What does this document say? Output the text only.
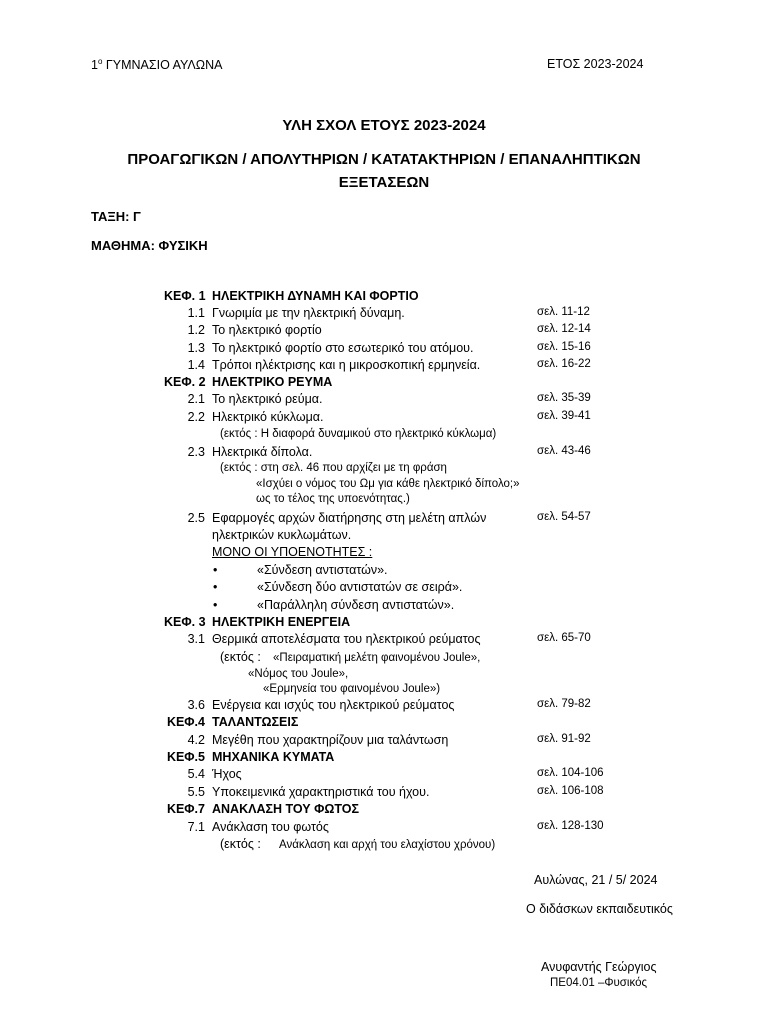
$1^o$ ΓΥΜΝΑΣΙΟ ΑΥΛΩΝΑ	ΕΤΟΣ 2023-2024
ΥΛΗ ΣΧΟΛ ΕΤΟΥΣ 2023-2024
ΠΡΟΑΓΩΓΙΚΩΝ / ΑΠΟΛΥΤΗΡΙΩΝ / ΚΑΤΑΤΑΚΤΗΡΙΩΝ / ΕΠΑΝΑΛΗΠΤΙΚΩΝ
ΕΞΕΤΑΣΕΩΝ
ΤΑΞΗ: Γ
ΜΑΘΗΜΑ: ΦΥΣΙΚΗ
ΚΕΦ. 1 ΗΛΕΚΤΡΙΚΗ ΔΥΝΑΜΗ ΚΑΙ ΦΟΡΤΙΟ
1.1 Γνωριμία με την ηλεκτρική δύναμη.	σελ. 11-12
1.2 Το ηλεκτρικό φορτίο	σελ. 12-14
1.3 Το ηλεκτρικό φορτίο στο εσωτερικό του ατόμου.	σελ. 15-16
1.4 Τρόποι ηλέκτρισης και η μικροσκοπική ερμηνεία.	σελ. 16-22
ΚΕΦ. 2 ΗΛΕΚΤΡΙΚΟ ΡΕΥΜΑ
2.1 Το ηλεκτρικό ρεύμα.	σελ. 35-39
2.2 Ηλεκτρικό κύκλωμα.	σελ. 39-41
(εκτός : Η διαφορά δυναμικού στο ηλεκτρικό κύκλωμα)
2.3 Ηλεκτρικά δίπολα.	σελ. 43-46
(εκτός : στη σελ. 46 που αρχίζει με τη φράση
«Ισχύει ο νόμος του Ωμ για κάθε ηλεκτρικό δίπολο;»
ως το τέλος της υποενότητας.)
2.5 Εφαρμογές αρχών διατήρησης στη μελέτη απλών	σελ. 54-57
ηλεκτρικών κυκλωμάτων.
ΜΟΝΟ ΟΙ ΥΠΟΕΝΟΤΗΤΕΣ :
•	«Σύνδεση αντιστατών».
•	«Σύνδεση δύο αντιστατών σε σειρά».
•	«Παράλληλη σύνδεση αντιστατών».
ΚΕΦ. 3 ΗΛΕΚΤΡΙΚΗ ΕΝΕΡΓΕΙΑ
3.1 Θερμικά αποτελέσματα του ηλεκτρικού ρεύματος	σελ. 65-70
(εκτός : «Πειραματική μελέτη φαινομένου Joule»,
«Νόμος του Joule»,
«Ερμηνεία του φαινομένου Joule»)
3.6 Ενέργεια και ισχύς του ηλεκτρικού ρεύματος	σελ. 79-82
ΚΕΦ.4 ΤΑΛΑΝΤΩΣΕΙΣ
4.2 Μεγέθη που χαρακτηρίζουν μια ταλάντωση	σελ. 91-92
ΚΕΦ.5 ΜΗΧΑΝΙΚΑ ΚΥΜΑΤΑ
5.4 Ήχος	σελ. 104-106
5.5 Υποκειμενικά χαρακτηριστικά του ήχου.	σελ. 106-108
ΚΕΦ.7 ΑΝΑΚΛΑΣΗ ΤΟΥ ΦΩΤΟΣ
7.1 Ανάκλαση του φωτός	σελ. 128-130
(εκτός : Ανάκλαση και αρχή του ελαχίστου χρόνου)
Αυλώνας, 21 / 5/ 2024
Ο διδάσκων εκπαιδευτικός
Ανυφαντής Γεώργιος
ΠΕ04.01 –Φυσικός
